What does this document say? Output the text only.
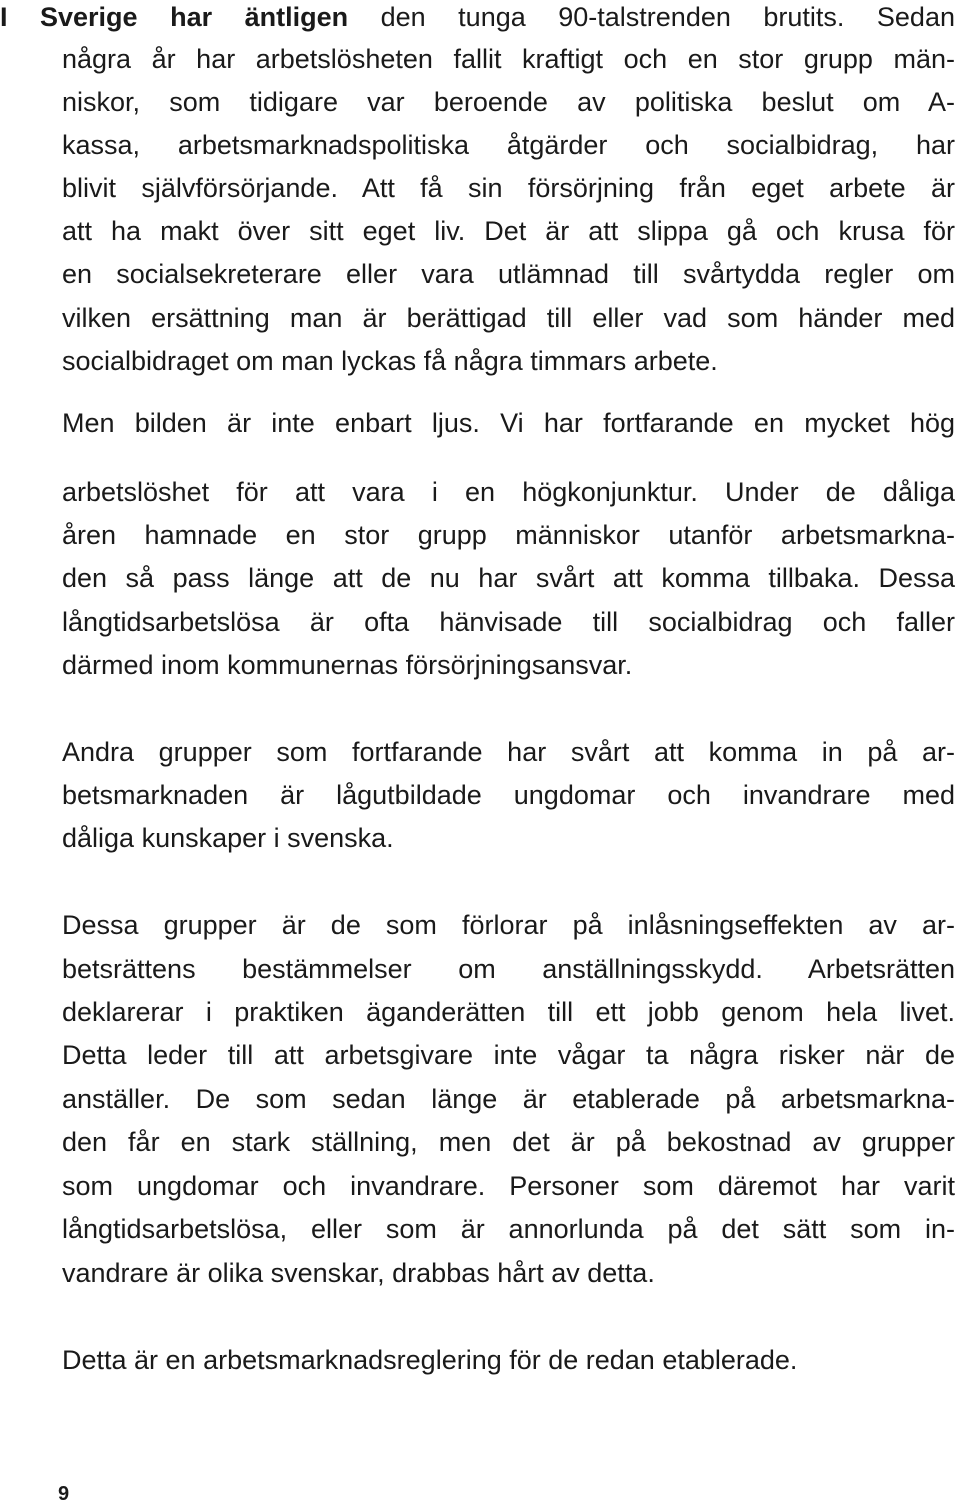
I Sverige har äntligen den tunga 90-talstrenden brutits. Sedan
några år har arbetslösheten fallit kraftigt och en stor grupp män-
niskor, som tidigare var beroende av politiska beslut om A-
kassa, arbetsmarknadspolitiska åtgärder och socialbidrag, har
blivit självförsörjande. Att få sin försörjning från eget arbete är
att ha makt över sitt eget liv. Det är att slippa gå och krusa för
en socialsekreterare eller vara utlämnad till svårtydda regler om
vilken ersättning man är berättigad till eller vad som händer med
socialbidraget om man lyckas få några timmars arbete.
Men bilden är inte enbart ljus. Vi har fortfarande en mycket hög
arbetslöshet för att vara i en högkonjunktur. Under de dåliga
åren hamnade en stor grupp människor utanför arbetsmarkna-
den så pass länge att de nu har svårt att komma tillbaka. Dessa
långtidsarbetslösa är ofta hänvisade till socialbidrag och faller
därmed inom kommunernas försörjningsansvar.
Andra grupper som fortfarande har svårt att komma in på ar-
betsmarknaden är lågutbildade ungdomar och invandrare med
dåliga kunskaper i svenska.
Dessa grupper är de som förlorar på inlåsningseffekten av ar-
betsrättens bestämmelser om anställningsskydd. Arbetsrätten
deklarerar i praktiken äganderätten till ett jobb genom hela livet.
Detta leder till att arbetsgivare inte vågar ta några risker när de
anställer. De som sedan länge är etablerade på arbetsmarkna-
den får en stark ställning, men det är på bekostnad av grupper
som ungdomar och invandrare. Personer som däremot har varit
långtidsarbetslösa, eller som är annorlunda på det sätt som in-
vandrare är olika svenskar, drabbas hårt av detta.
Detta är en arbetsmarknadsreglering för de redan etablerade.
9
